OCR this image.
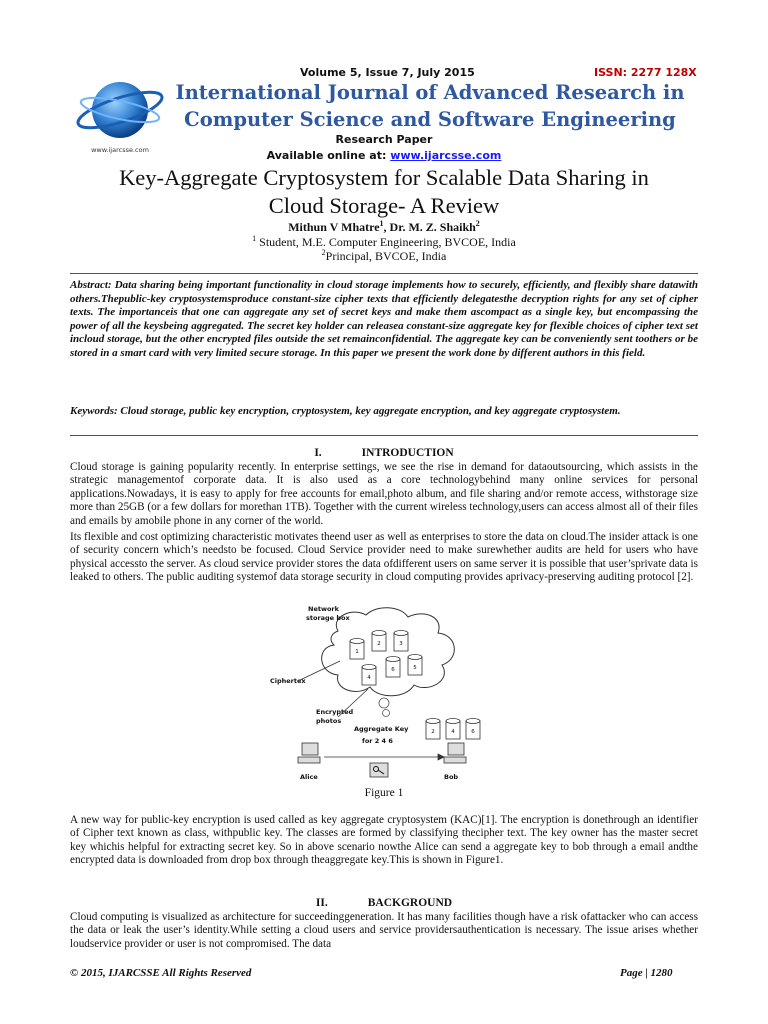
www.ijarcsse.com
Volume 5, Issue 7, July 2015	ISSN: 2277 128X
International Journal of Advanced Research in
Computer Science and Software Engineering
Research Paper
Available online at: www.ijarcsse.com
Key-Aggregate Cryptosystem for Scalable Data Sharing in
Cloud Storage- A Review
Mithun V Mhatre$^1$, Dr. M. Z. Shaikh$^2$
$^1$ Student, M.E. Computer Engineering, BVCOE, India
$^2$Principal, BVCOE, India
Abstract: Data sharing being important functionality in cloud storage implements how to securely, efficiently, and flexibly share datawith others.Thepublic-key cryptosystemsproduce constant-size cipher texts that efficiently delegatesthe decryption rights for any set of cipher texts. The importanceis that one can aggregate any set of secret keys and make them ascompact as a single key, but encompassing the power of all the keysbeing aggregated. The secret key holder can releasea constant-size aggregate key for flexible choices of cipher text set incloud storage, but the other encrypted files outside the set remainconfidential. The aggregate key can be conveniently sent toothers or be stored in a smart card with very limited secure storage. In this paper we present the work done by different authors in this field.
Keywords: Cloud storage, public key encryption, cryptosystem, key aggregate encryption, and key aggregate cryptosystem.
I.	INTRODUCTION
Cloud storage is gaining popularity recently. In enterprise settings, we see the rise in demand for dataoutsourcing, which assists in the strategic managementof corporate data. It is also used as a core technologybehind many online services for personal applications.Nowadays, it is easy to apply for free accounts for email,photo album, and file sharing and/or remote access, withstorage size more than 25GB (or a few dollars for morethan 1TB). Together with the current wireless technology,users can access almost all of their files and emails by amobile phone in any corner of the world.
Its flexible and cost optimizing characteristic motivates theend user as well as enterprises to store the data on cloud.The insider attack is one of security concern which’s needsto be focused. Cloud Service provider need to make surewhether audits are held for users who have physical accessto the server. As cloud service provider stores the data ofdifferent users on same server it is possible that user’sprivate data is leaked to others. The public auditing systemof data storage security in cloud computing provides aprivacy-preserving auditing protocol [2].
1
2	3
4
6	5
Network
storage box
Ciphertex
Encrypted
photos
Aggregate Key
for 2 4 6
Alice	Bob
2	4	6
Figure 1
A new way for public-key encryption is used called as key aggregate cryptosystem (KAC)[1]. The encryption is donethrough an identifier of Cipher text known as class, withpublic key. The classes are formed by classifying thecipher text. The key owner has the master secret key whichis helpful for extracting secret key. So in above scenario nowthe Alice can send a aggregate key to bob through a email andthe encrypted data is downloaded from drop box through theaggregate key.This is shown in Figure1.
II.	BACKGROUND
Cloud computing is visualized as architecture for succeedinggeneration. It has many facilities though have a risk ofattacker who can access the data or leak the user’s identity.While setting a cloud users and service providersauthentication is necessary. The issue arises whether loudservice provider or user is not compromised. The data
© 2015, IJARCSSE All Rights Reserved	Page | 1280
